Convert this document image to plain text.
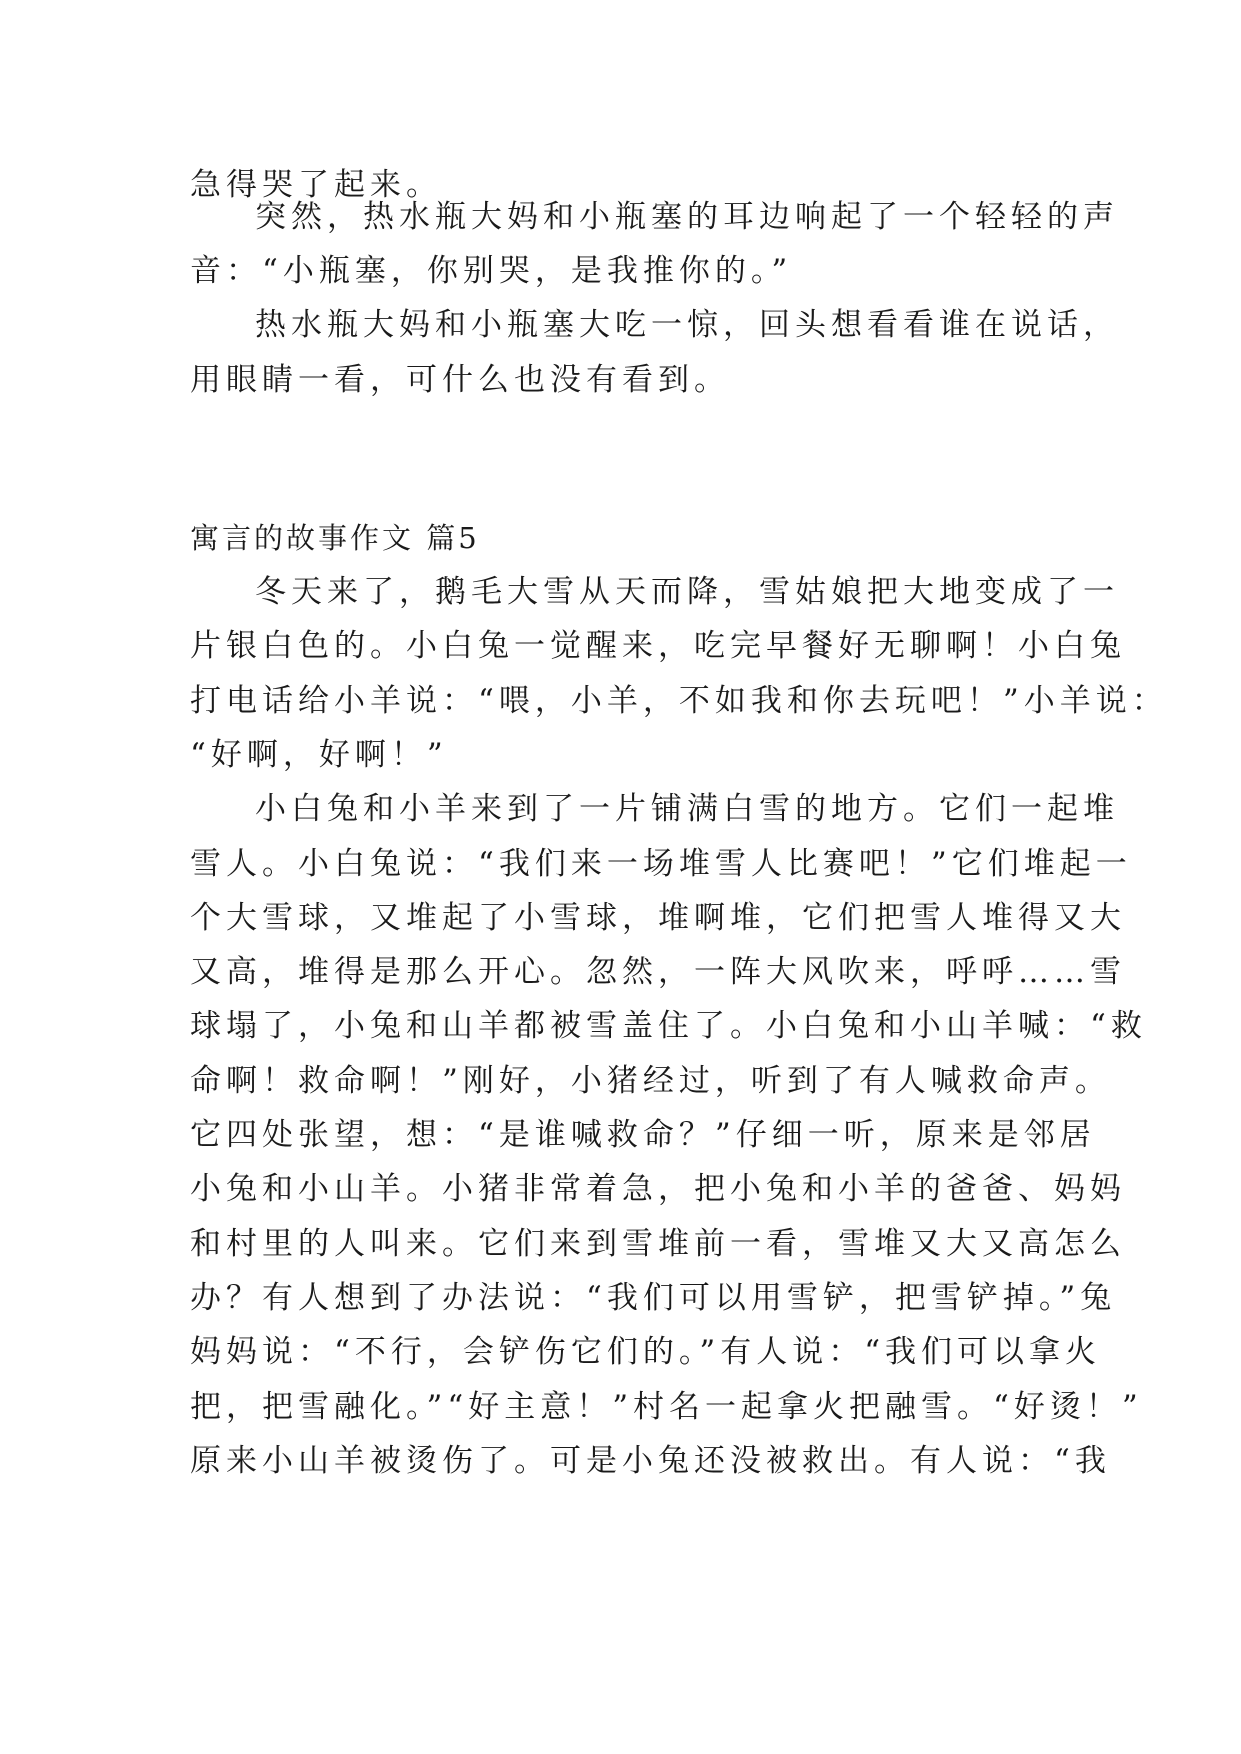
急得哭了起来。
突然，热水瓶大妈和小瓶塞的耳边响起了一个轻轻的声
音：“小瓶塞，你别哭，是我推你的。”
热水瓶大妈和小瓶塞大吃一惊，回头想看看谁在说话，
用眼睛一看，可什么也没有看到。
寓言的故事作文 篇5
冬天来了，鹅毛大雪从天而降，雪姑娘把大地变成了一
片银白色的。小白兔一觉醒来，吃完早餐好无聊啊！小白兔
打电话给小羊说：“喂，小羊，不如我和你去玩吧！”小羊说：
“好啊，好啊！”
小白兔和小羊来到了一片铺满白雪的地方。它们一起堆
雪人。小白兔说：“我们来一场堆雪人比赛吧！”它们堆起一
个大雪球，又堆起了小雪球，堆啊堆，它们把雪人堆得又大
又高，堆得是那么开心。忽然，一阵大风吹来，呼呼……雪
球塌了，小兔和山羊都被雪盖住了。小白兔和小山羊喊：“救
命啊！救命啊！”刚好，小猪经过，听到了有人喊救命声。
它四处张望，想：“是谁喊救命？”仔细一听，原来是邻居
小兔和小山羊。小猪非常着急，把小兔和小羊的爸爸、妈妈
和村里的人叫来。它们来到雪堆前一看，雪堆又大又高怎么
办？有人想到了办法说：“我们可以用雪铲，把雪铲掉。”兔
妈妈说：“不行，会铲伤它们的。”有人说：“我们可以拿火
把，把雪融化。”“好主意！”村名一起拿火把融雪。“好烫！”
原来小山羊被烫伤了。可是小兔还没被救出。有人说：“我
